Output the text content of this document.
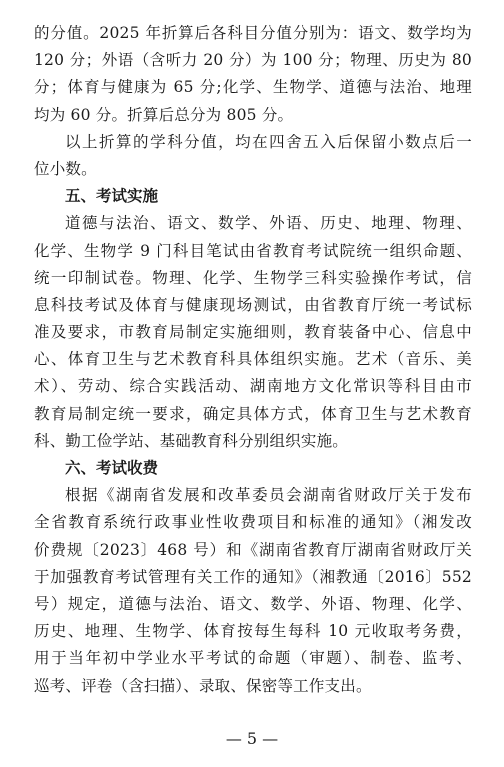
的分值。2025 年折算后各科目分值分别为：语文、数学均为
120 分；外语（含听力 20 分）为 100 分；物理、历史为 80
分；体育与健康为 65 分;化学、生物学、道德与法治、地理
均为 60 分。折算后总分为 805 分。
以上折算的学科分值，均在四舍五入后保留小数点后一
位小数。
五、考试实施
道德与法治、语文、数学、外语、历史、地理、物理、
化学、生物学 9 门科目笔试由省教育考试院统一组织命题、
统一印制试卷。物理、化学、生物学三科实验操作考试，信
息科技考试及体育与健康现场测试，由省教育厅统一考试标
准及要求，市教育局制定实施细则，教育装备中心、信息中
心、体育卫生与艺术教育科具体组织实施。艺术（音乐、美
术）、劳动、综合实践活动、湖南地方文化常识等科目由市
教育局制定统一要求，确定具体方式，体育卫生与艺术教育
科、勤工俭学站、基础教育科分别组织实施。
六、考试收费
根据《湖南省发展和改革委员会湖南省财政厅关于发布
全省教育系统行政事业性收费项目和标准的通知》（湘发改
价费规〔2023〕468 号）和《湖南省教育厅湖南省财政厅关
于加强教育考试管理有关工作的通知》（湘教通〔2016〕552
号）规定，道德与法治、语文、数学、外语、物理、化学、
历史、地理、生物学、体育按每生每科 10 元收取考务费，
用于当年初中学业水平考试的命题（审题）、制卷、监考、
巡考、评卷（含扫描）、录取、保密等工作支出。
— 5 —
